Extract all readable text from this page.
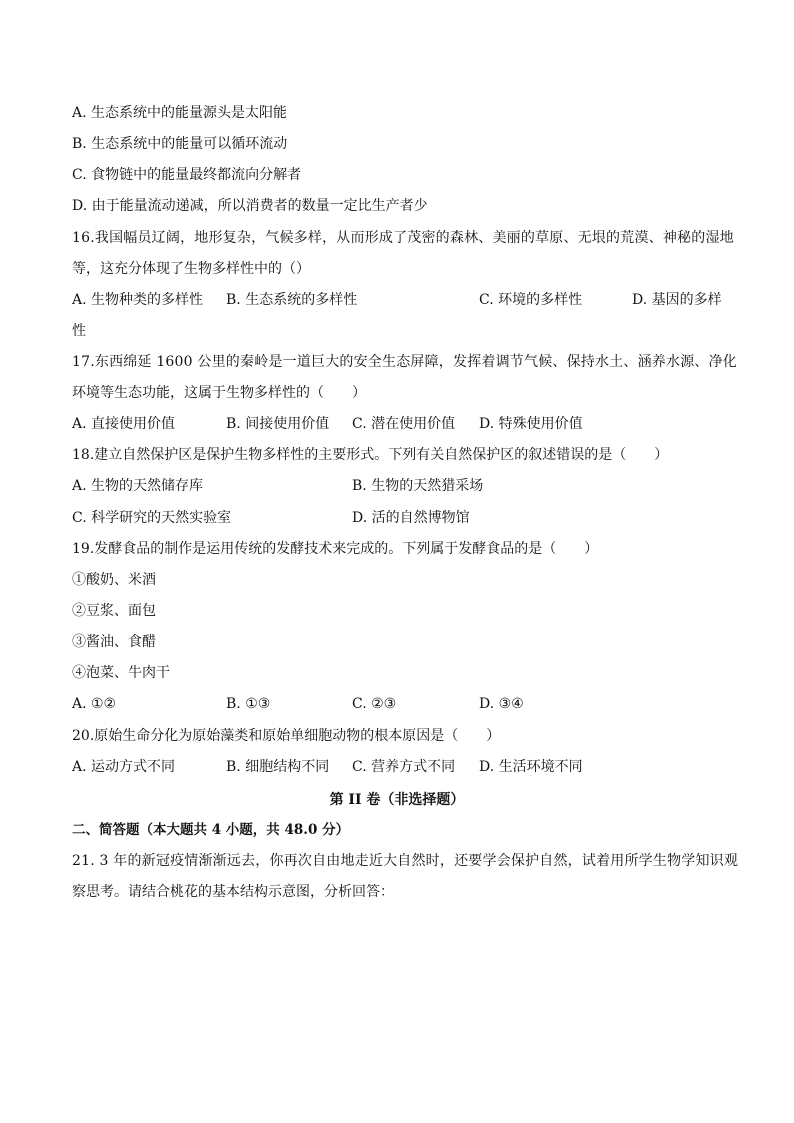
A. 生态系统中的能量源头是太阳能
B. 生态系统中的能量可以循环流动
C. 食物链中的能量最终都流向分解者
D. 由于能量流动递减，所以消费者的数量一定比生产者少
16.我国幅员辽阔，地形复杂，气候多样，从而形成了茂密的森林、美丽的草原、无垠的荒漠、神秘的湿地
等，这充分体现了生物多样性中的（）
A. 生物种类的多样性 B. 生态系统的多样性	C. 环境的多样性	D. 基因的多样
性
17.东西绵延 1600 公里的秦岭是一道巨大的安全生态屏障，发挥着调节气候、保持水土、涵养水源、净化
环境等生态功能，这属于生物多样性的（　　）
A. 直接使用价值	B. 间接使用价值 C. 潜在使用价值 D. 特殊使用价值
18.建立自然保护区是保护生物多样性的主要形式。下列有关自然保护区的叙述错误的是（　　）
A. 生物的天然储存库	B. 生物的天然猎采场
C. 科学研究的天然实验室	D. 活的自然博物馆
19.发酵食品的制作是运用传统的发酵技术来完成的。下列属于发酵食品的是（　　）
①酸奶、米酒
②豆浆、面包
③酱油、食醋
④泡菜、牛肉干
A. ①②	B. ①③	C. ②③	D. ③④
20.原始生命分化为原始藻类和原始单细胞动物的根本原因是（　　）
A. 运动方式不同	B. 细胞结构不同 C. 营养方式不同 D. 生活环境不同
第 II 卷（非选择题）
二、简答题（本大题共 4 小题，共 48.0 分）
21. 3 年的新冠疫情渐渐远去，你再次自由地走近大自然时，还要学会保护自然，试着用所学生物学知识观
察思考。请结合桃花的基本结构示意图，分析回答：
